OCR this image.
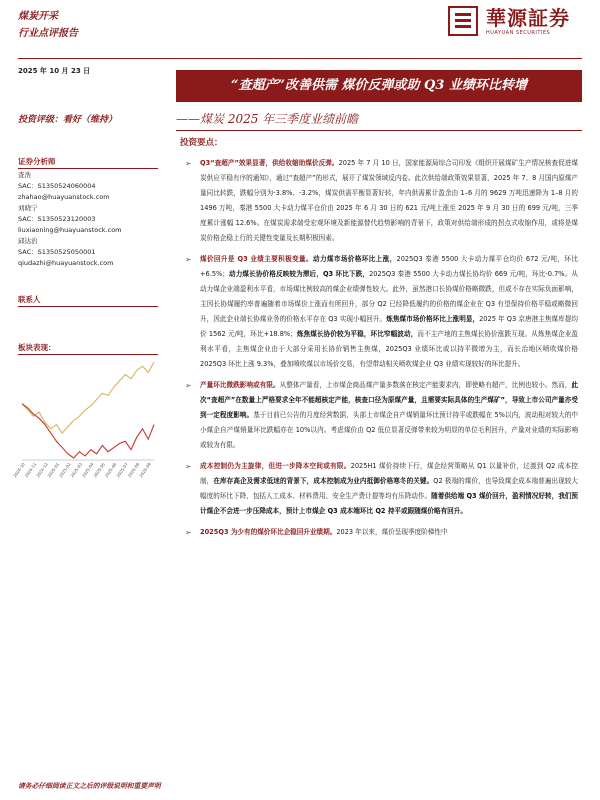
煤炭开采
行业点评报告
華源証券
HUAYUAN SECURITIES
2025 年 10 月 23 日
“查超产”改善供需 煤价反弹或助 Q3 业绩环比转增
——煤炭 2025 年三季度业绩前瞻
投资评级：看好（维持）
投资要点：
证券分析师
查浩
SAC：S1350524060004
zhahao@huayuanstock.com
刘晓宁
SAC：S1350523120003
liuxiaoning@huayuanstock.com
邱达治
SAC：S1350525050001
qiudazhi@huayuanstock.com
联系人
板块表现：
2024-10
2024-11
2024-12
2025-01
2025-02
2025-03
2025-04
2025-05
2025-06
2025-07
2025-08
2025-09
➢ Q3“查超产”效果显著，供给收缩助煤价反弹。2025 年 7 月 10 日，国家能源局综合司印发《组织开展煤矿生产情况核查促进煤炭供应平稳有序的通知》，通过“查超产”的形式，展开了煤炭领域反内卷。此次供给端政策效果显著，2025 年 7、8 月国内原煤产量同比转跌，跌幅分别为-3.8%、-3.2%，煤炭供需平衡显著好转，年内供需累计盈余由 1–6 月的 9629 万吨迅速降为 1–8 月的 1496 万吨，秦港 5500 大卡动力煤平仓价由 2025 年 6 月 30 日的 621 元/吨上涨至 2025 年 9 月 30 日的 699 元/吨，三季度累计涨幅 12.6%。在煤炭需求端受宏观环境及新能源替代趋势影响的背景下，政策对供给端形成的拐点式收缩作用，或将是煤炭价格企稳上行的关键性变量及长期积极因素。
➢ 煤价回升是 Q3 业绩主要积极变量。动力煤市场价格环比上涨，2025Q3 秦港 5500 大卡动力煤平仓均价 672 元/吨，环比+6.5%；动力煤长协价格反映较为滞后，Q3 环比下跌，2025Q3 秦港 5500 大卡动力煤长协均价 669 元/吨，环比-0.7%。从动力煤企业端盈利水平看，市场煤比例较高的煤企业绩弹性较大。此外，虽然港口长协煤价格略微跌，但或不存在实际负面影响，主因长协煤履约率普遍随着市场煤价上涨而有所回升，部分 Q2 已经降低履约的价格的煤企业在 Q3 有望保持价格平稳或略微回升，因此企业端长协煤业务的价格水平存在 Q3 实现小幅回升。炼焦煤市场价格环比上涨明显，2025 年 Q3 京唐港主焦煤库提均价 1562 元/吨，环比+18.8%；炼焦煤长协价较为平稳，环比窄幅波动，而不主产地的主焦煤长协价涨跌互现。从炼焦煤企业盈利水平看，主焦煤企业由于大部分采用长协价销售主焦煤，2025Q3 业绩环比或以持平微增为主，而长治地区喷吹煤价格 2025Q3 环比上涨 9.3%，叠加喷吹煤以市场价交易，有望带动相关喷吹煤企业 Q3 业绩实现较好的环比提升。
➢ 产量环比微跌影响或有限。从整体产量看，上市煤企商品煤产量多数落在核定产能要求内，即使略有超产，比例也较小。然而，此次“查超产”在数量上严格要求全年不能超核定产能，核查口径为原煤产量，且需要实际具体的生产煤矿”，导致上市公司产量亦受到一定程度影响。基于目前已公告的月度经营数据，头部上市煤企自产煤销量环比预计持平或跌幅在 5%以内，波动相对较大的中小煤企自产煤销量环比跌幅亦在 10%以内。考虑煤价由 Q2 低位显著反弹带来较为明显的单位毛利回升，产量对业绩的实际影响或较为有限。
➢ 成本控制仍为主旋律，但进一步降本空间或有限。2025H1 煤价持续下行，煤企经营策略从 Q1 以量补价，过渡到 Q2 成本控制，在库存高企及需求低迷的背景下，成本控制成为业内抵御价格寒冬的关键。Q2 极端的煤价，也导致煤企成本端普遍出现较大幅度的环比下降，包括人工成本、材料费用、安全生产费计提等均有压降动作。随着供给端 Q3 煤价回升，盈利情况好转，我们预计煤企不会进一步压降成本，预计上市煤企 Q3 成本端环比 Q2 持平或跟随煤价略有回升。
➢ 2025Q3 为少有的煤价环比企稳回升业绩期。2023 年以来，煤价呈现季度阶梯性中
请务必仔细阅读正文之后的评级说明和重要声明
